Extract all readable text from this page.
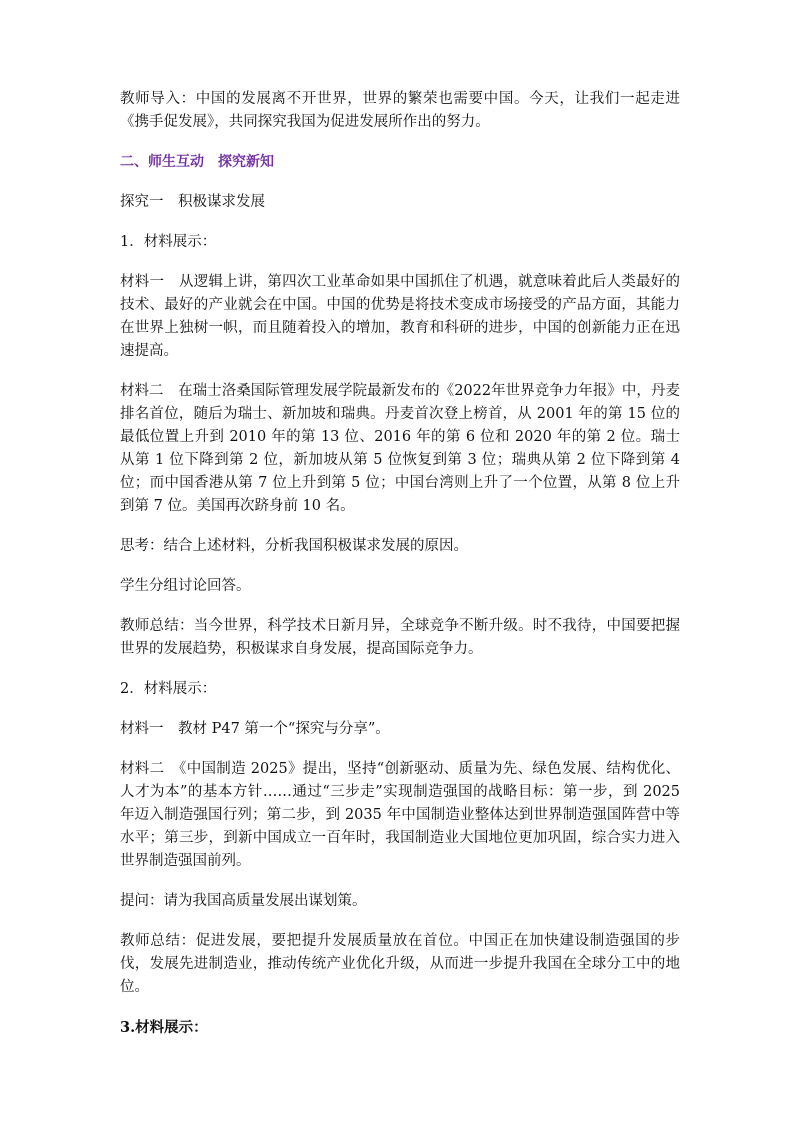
教师导入：中国的发展离不开世界，世界的繁荣也需要中国。今天，让我们一起走进《携手促发展》，共同探究我国为促进发展所作出的努力。

二、师生互动　探究新知

探究一　积极谋求发展

1．材料展示：

材料一　从逻辑上讲，第四次工业革命如果中国抓住了机遇，就意味着此后人类最好的技术、最好的产业就会在中国。中国的优势是将技术变成市场接受的产品方面，其能力在世界上独树一帜，而且随着投入的增加，教育和科研的进步，中国的创新能力正在迅速提高。

材料二　在瑞士洛桑国际管理发展学院最新发布的《2022年世界竞争力年报》中，丹麦排名首位，随后为瑞士、新加坡和瑞典。丹麦首次登上榜首，从 2001 年的第 15 位的最低位置上升到 2010 年的第 13 位、2016 年的第 6 位和 2020 年的第 2 位。瑞士从第 1 位下降到第 2 位，新加坡从第 5 位恢复到第 3 位；瑞典从第 2 位下降到第 4 位；而中国香港从第 7 位上升到第 5 位；中国台湾则上升了一个位置，从第 8 位上升到第 7 位。美国再次跻身前 10 名。

思考：结合上述材料，分析我国积极谋求发展的原因。

学生分组讨论回答。

教师总结：当今世界，科学技术日新月异，全球竞争不断升级。时不我待，中国要把握世界的发展趋势，积极谋求自身发展，提高国际竞争力。

2．材料展示：

材料一　教材 P47 第一个“探究与分享”。

材料二　《中国制造 2025》提出，坚持“创新驱动、质量为先、绿色发展、结构优化、人才为本”的基本方针……通过“三步走”实现制造强国的战略目标：第一步，到 2025 年迈入制造强国行列；第二步，到 2035 年中国制造业整体达到世界制造强国阵营中等水平；第三步，到新中国成立一百年时，我国制造业大国地位更加巩固，综合实力进入世界制造强国前列。

提问：请为我国高质量发展出谋划策。

教师总结：促进发展，要把提升发展质量放在首位。中国正在加快建设制造强国的步伐，发展先进制造业，推动传统产业优化升级，从而进一步提升我国在全球分工中的地位。

3.材料展示：
